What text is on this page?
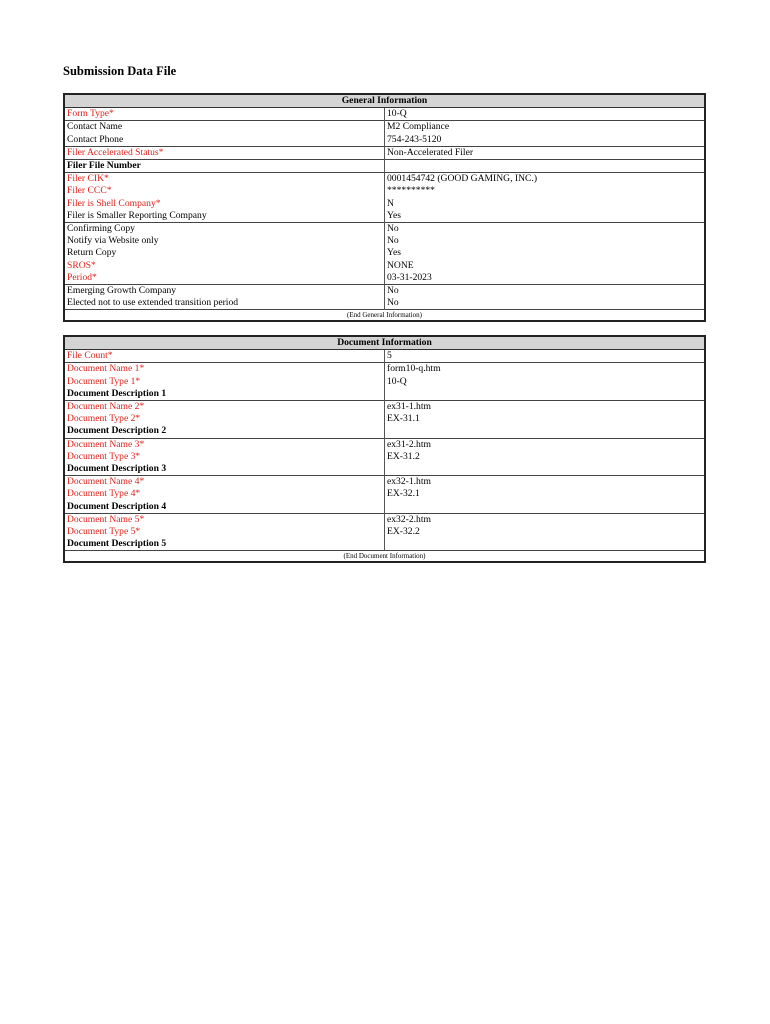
Submission Data File
General Information	
Form Type*	10-Q
Contact Name	M2 Compliance
Contact Phone	754-243-5120
Filer Accelerated Status*	Non-Accelerated Filer
Filer File Number	
Filer CIK*	0001454742 (GOOD GAMING, INC.)
Filer CCC*	**********
Filer is Shell Company*	N
Filer is Smaller Reporting Company	Yes
Confirming Copy	No
Notify via Website only	No
Return Copy	Yes
SROS*	NONE
Period*	03-31-2023
Emerging Growth Company	No
Elected not to use extended transition period	No
(End General Information)	
Document Information	
File Count*	5
Document Name 1*	form10-q.htm
Document Type 1*	10-Q
Document Description 1	
Document Name 2*	ex31-1.htm
Document Type 2*	EX-31.1
Document Description 2	
Document Name 3*	ex31-2.htm
Document Type 3*	EX-31.2
Document Description 3	
Document Name 4*	ex32-1.htm
Document Type 4*	EX-32.1
Document Description 4	
Document Name 5*	ex32-2.htm
Document Type 5*	EX-32.2
Document Description 5	
(End Document Information)	
